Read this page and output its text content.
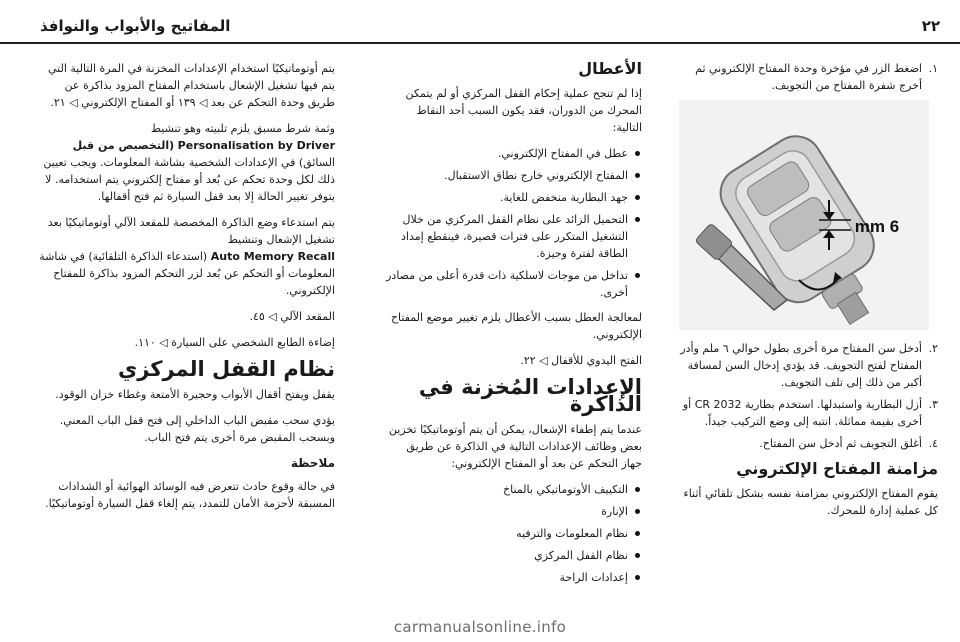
٢٢
المفاتيح والأبواب والنوافذ
١.
اضغط الزر في مؤخرة وحدة المفتاح الإلكتروني ثم أخرج شفرة المفتاح من التجويف.
6 mm
٢.
أدخل سن المفتاح مرة أخرى بطول حوالي ٦ ملم وأدر المفتاح لفتح التجويف. قد يؤدي إدخال السن لمسافة أكبر من ذلك إلى تلف التجويف.
٣.
أزل البطارية واستبدلها. استخدم بطارية CR 2032 أو أخرى بقيمة مماثلة. انتبه إلى وضع التركيب جيداً.
٤.
أغلق التجويف ثم أدخل سن المفتاح.
مزامنة المفتاح الإلكتروني

يقوم المفتاح الإلكتروني بمزامنة نفسه بشكل تلقائي أثناء كل عملية إدارة للمحرك.

الأعطال

إذا لم تنجح عملية إحكام القفل المركزي أو لم يتمكن المحرك من الدوران، فقد يكون السبب أحد النقاط التالية:

عطل في المفتاح الإلكتروني.
المفتاح الإلكتروني خارج نطاق الاستقبال.
جهد البطارية منخفض للغاية.
التحميل الزائد على نظام القفل المركزي من خلال التشغيل المتكرر على فترات قصيرة، فينقطع إمداد الطاقة لفترة وجيزة.
تداخل من موجات لاسلكية ذات قدرة أعلى من مصادر أخرى.

لمعالجة العطل بسبب الأعطال يلزم تغيير موضع المفتاح الإلكتروني.

الفتح اليدوي للأقفال ◁ ٢٢.

الإعدادات المُخزنة في الذاكرة

عندما يتم إطفاء الإشعال، يمكن أن يتم أوتوماتيكيًا تخزين بعض وظائف الإعدادات التالية في الذاكرة عن طريق جهاز التحكم عن بعد أو المفتاح الإلكتروني:

التكييف الأوتوماتيكي بالمناخ
الإنارة
نظام المعلومات والترفيه
نظام القفل المركزي
إعدادات الراحة

يتم أوتوماتيكيًا استخدام الإعدادات المخزنة في المرة التالية التي يتم فيها تشغيل الإشعال باستخدام المفتاح المزود بذاكرة عن طريق وحدة التحكم عن بعد ◁ ١٣٩ أو المفتاح الإلكتروني ◁ ٢١.

وثمة شرط مسبق يلزم تلبيته وهو تنشيط

Personalisation by Driver (التخصيص من قبل السائق) في الإعدادات الشخصية بشاشة المعلومات. ويجب تعيين ذلك لكل وحدة تحكم عن بُعد أو مفتاح إلكتروني يتم استخدامه. لا يتوفر تغيير الحالة إلا بعد قفل السيارة ثم فتح أقفالها.

يتم استدعاء وضع الذاكرة المخصصة للمقعد الآلي أوتوماتيكيًا بعد تشغيل الإشعال وتنشيط

Auto Memory Recall (استدعاء الذاكرة التلقائية) في شاشة المعلومات أو التحكم عن بُعد لزر التحكم المزود بذاكرة للمفتاح الإلكتروني.

المقعد الآلي ◁ ٤٥.

إضاءة الطابع الشخصي على السيارة ◁ ١١٠.

نظام القفل المركزي

يقفل ويفتح أقفال الأبواب وحجيرة الأمتعة وغطاء خزان الوقود.

يؤدي سحب مقبض الباب الداخلي إلى فتح قفل الباب المعني. وبسحب المقبض مرة أخرى يتم فتح الباب.

ملاحظة

في حالة وقوع حادث تتعرض فيه الوسائد الهوائية أو الشدادات المسبقة لأحزمة الأمان للتمدد، يتم إلغاء قفل السيارة أوتوماتيكيًا.

carmanualsonline.info
